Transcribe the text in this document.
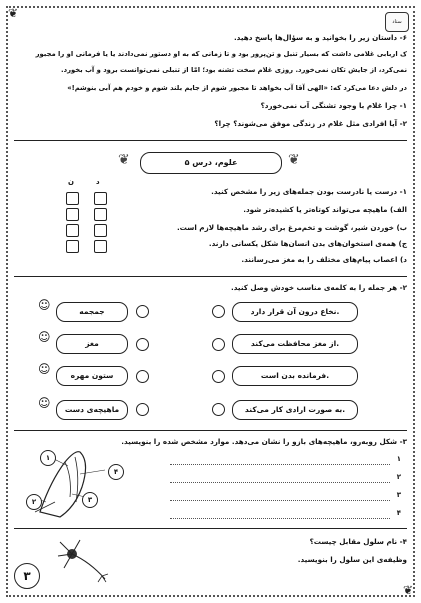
❦
❦
ستاد
۶- داستان زیر را بخوانید و به سؤال‌ها پاسخ دهید.
ﮎ اربابی غلامی داشت که بسیار تنبل و تن‌پرور بود و تا زمانی که به او دستور نمی‌دادند یا یا فرمانی او را مجبور
نمی‌کرد، از جایش تکان نمی‌خورد. روزی غلام سخت تشنه بود؛ امّا از تنبلی نمی‌توانست برود و آب بخورد.
در دلش دعا می‌کرد که: «الهی آقا آب بخواهد تا مجبور شوم از جایم بلند شوم و خودم هم آبی بنوشم!»
۱- چرا غلام با وجود تشنگی آب نمی‌خورد؟
۲- آیا افرادی مثل غلام در زندگی موفق می‌شوند؟ چرا؟
❦	علوم، درس ۵	❦
۱- درست یا نادرست بودن جمله‌های زیر را مشخص کنید.
د
ن
الف) ماهیچه می‌تواند کوتاه‌تر یا کشیده‌تر شود.
ب) خوردن شیر، گوشت و تخم‌مرغ برای رشد ماهیچه‌ها لازم است.
ج) همه‌ی استخوان‌های بدن انسان‌ها شکل یکسانی دارند.
د) اعصاب پیام‌های مختلف را به مغز می‌رسانند.
۲- هر جمله را به کلمه‌ی مناسب خودش وصل کنید.
نخاع درون آن قرار دارد.
از مغز محافظت می‌کند.
فرمانده بدن است.
به صورت ارادی کار می‌کند.
جمجمه
مغز
ستون مهره
ماهیچه‌ی دست
☺
☺
☺
☺
۳- شکل روبه‌رو، ماهیچه‌های بازو را نشان می‌دهد. موارد مشخص شده را بنویسید.
۱
۲
۳
۴
۱
۴
۳
۲
۴- نام سلول مقابل چیست؟
وظیفه‌ی این سلول را بنویسید.
۳
